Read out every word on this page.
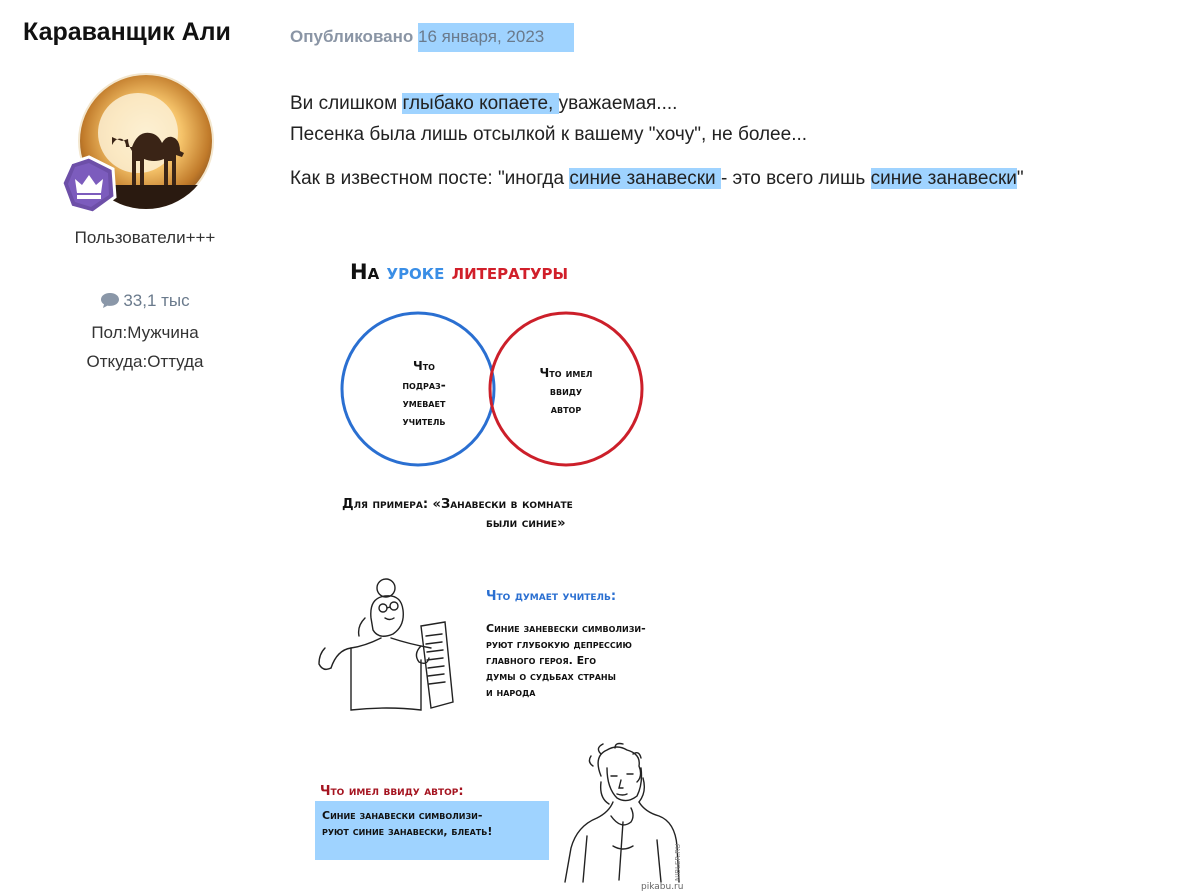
Караванщик Али
Пользователи+++
33,1 тыс
Пол:Мужчина
Откуда:Оттуда
Опубликовано 16 января, 2023

Ви слишком глыбако копаете, уважаемая....

Песенка была лишь отсылкой к вашему "хочу", не более...

Как в известном посте: "иногда синие занавески - это всего лишь синие занавески"

На уроке литературы
Что
подраз-
умевает
учитель
Что имел
ввиду
автор
Для примера: «Занавески в комнате
были синие»
Что думает учитель:
Синие заневески символизи-
руют глубокую депрессию
главного героя. Его
думы о судьбах страны
и народа
Что имел ввиду автор:
Синие занавески символизи-
руют синие занавески, блеать!
NIBLER.RU
pikabu.ru
